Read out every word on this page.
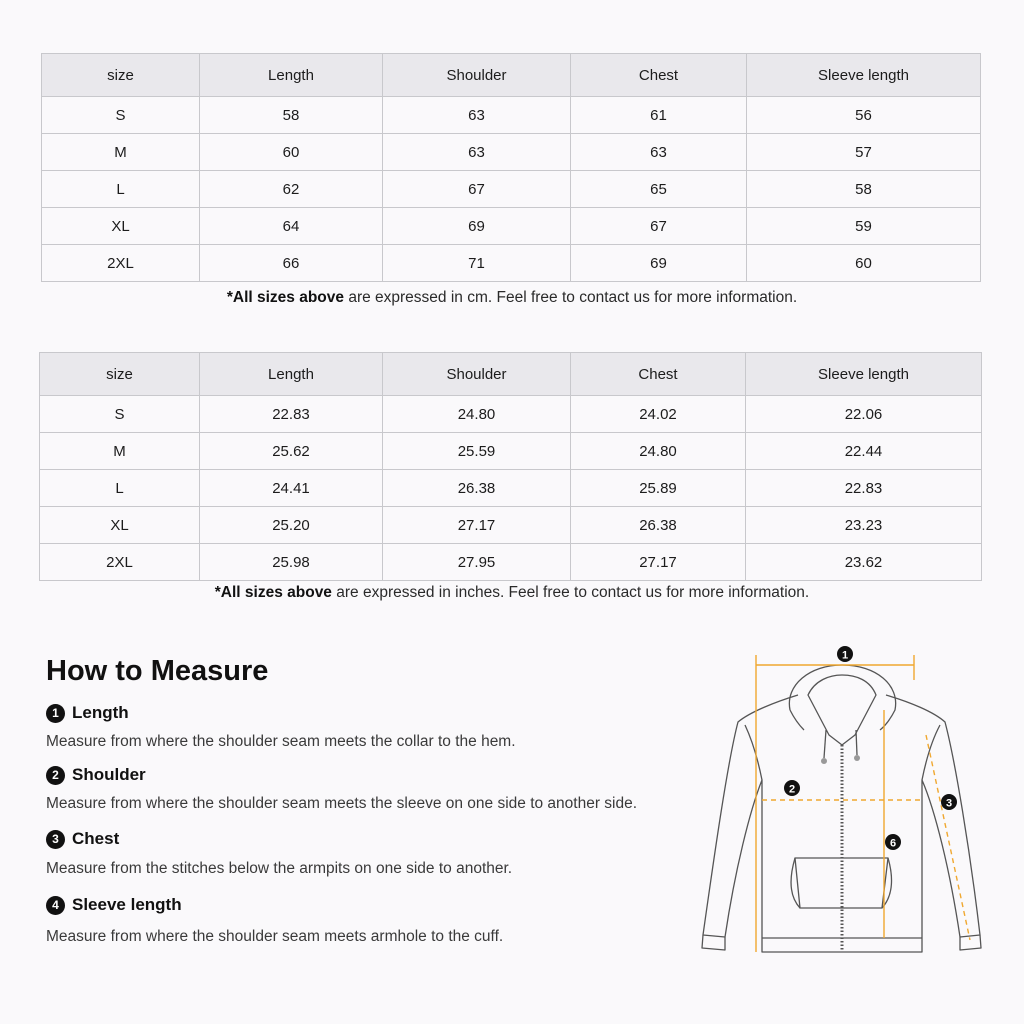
size	Length	Shoulder	Chest	Sleeve length
S	58	63	61	56
M	60	63	63	57
L	62	67	65	58
XL	64	69	67	59
2XL	66	71	69	60
*All sizes above are expressed in cm. Feel free to contact us for more information.
size	Length	Shoulder	Chest	Sleeve length
S	22.83	24.80	24.02	22.06
M	25.62	25.59	24.80	22.44
L	24.41	26.38	25.89	22.83
XL	25.20	27.17	26.38	23.23
2XL	25.98	27.95	27.17	23.62
*All sizes above are expressed in inches. Feel free to contact us for more information.
How to Measure
1 Length
Measure from where the shoulder seam meets the collar to the hem.
2 Shoulder
Measure from where the shoulder seam meets the sleeve on one side to another side.
3 Chest
Measure from the stitches below the armpits on one side to another.
4 Sleeve length
Measure from where the shoulder seam meets armhole to the cuff.
1
2
3
6
